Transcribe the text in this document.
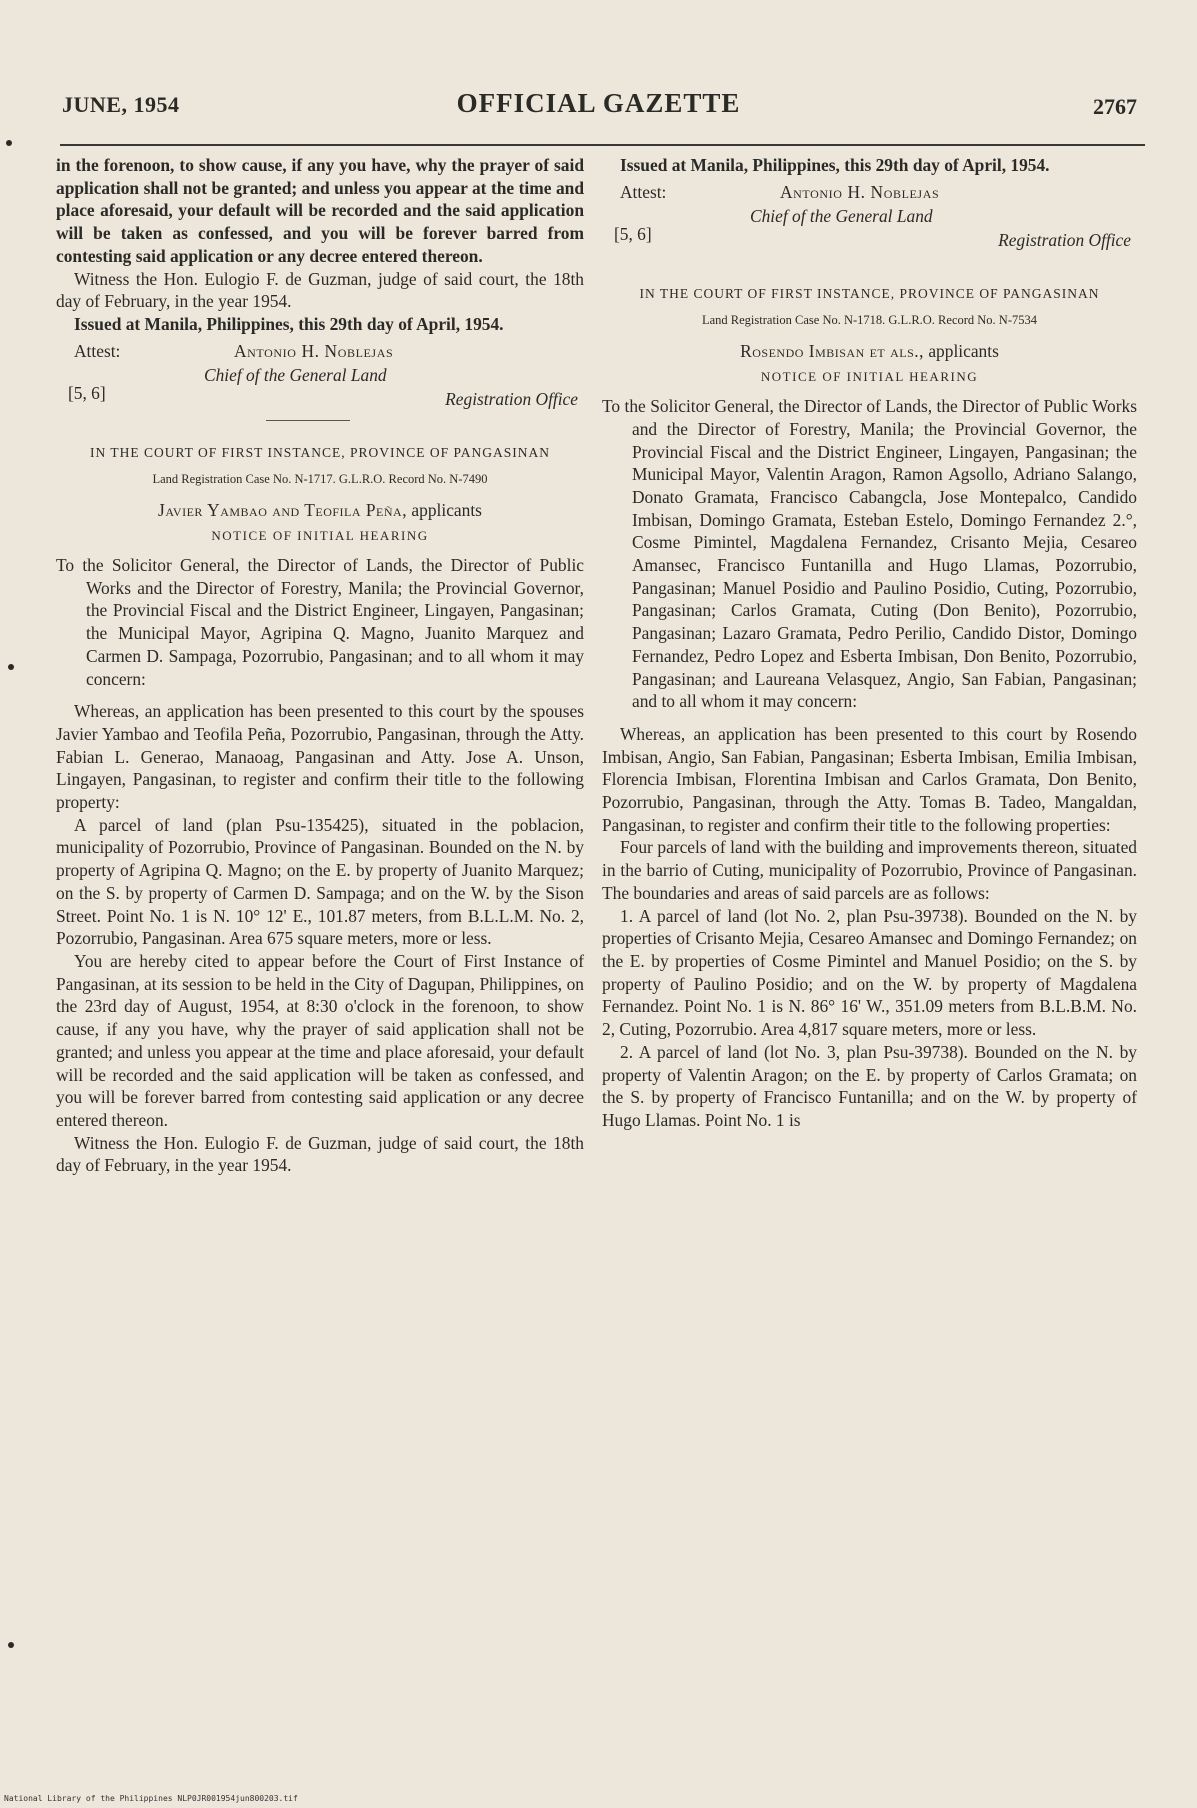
JUNE, 1954	OFFICIAL GAZETTE	2767

in the forenoon, to show cause, if any you have, why the prayer of said application shall not be granted; and unless you appear at the time and place aforesaid, your default will be recorded and the said application will be taken as confessed, and you will be forever barred from contesting said application or any decree entered thereon.

Witness the Hon. Eulogio F. de Guzman, judge of said court, the 18th day of February, in the year 1954.

Issued at Manila, Philippines, this 29th day of April, 1954.

Attest:	Antonio H. Noblejas
Chief of the General Land
[5, 6]	Registration Office
IN THE COURT OF FIRST INSTANCE, PROVINCE OF PANGASINAN
Land Registration Case No. N-1717. G.L.R.O. Record No. N-7490
Javier Yambao and Teofila Peña, applicants
NOTICE OF INITIAL HEARING

To the Solicitor General, the Director of Lands, the Director of Public Works and the Director of Forestry, Manila; the Provincial Governor, the Provincial Fiscal and the District Engineer, Lingayen, Pangasinan; the Municipal Mayor, Agripina Q. Magno, Juanito Marquez and Carmen D. Sampaga, Pozorrubio, Pangasinan; and to all whom it may concern:

Whereas, an application has been presented to this court by the spouses Javier Yambao and Teofila Peña, Pozorrubio, Pangasinan, through the Atty. Fabian L. Generao, Manaoag, Pangasinan and Atty. Jose A. Unson, Lingayen, Pangasinan, to register and confirm their title to the following property:

A parcel of land (plan Psu-135425), situated in the poblacion, municipality of Pozorrubio, Province of Pangasinan. Bounded on the N. by property of Agripina Q. Magno; on the E. by property of Juanito Marquez; on the S. by property of Carmen D. Sampaga; and on the W. by the Sison Street. Point No. 1 is N. 10° 12' E., 101.87 meters, from B.L.L.M. No. 2, Pozorrubio, Pangasinan. Area 675 square meters, more or less.

You are hereby cited to appear before the Court of First Instance of Pangasinan, at its session to be held in the City of Dagupan, Philippines, on the 23rd day of August, 1954, at 8:30 o'clock in the forenoon, to show cause, if any you have, why the prayer of said application shall not be granted; and unless you appear at the time and place aforesaid, your default will be recorded and the said application will be taken as confessed, and you will be forever barred from contesting said application or any decree entered thereon.

Witness the Hon. Eulogio F. de Guzman, judge of said court, the 18th day of February, in the year 1954.

Issued at Manila, Philippines, this 29th day of April, 1954.

Attest:	Antonio H. Noblejas
Chief of the General Land
[5, 6]	Registration Office
IN THE COURT OF FIRST INSTANCE, PROVINCE OF PANGASINAN
Land Registration Case No. N-1718. G.L.R.O. Record No. N-7534
Rosendo Imbisan et als., applicants
NOTICE OF INITIAL HEARING

To the Solicitor General, the Director of Lands, the Director of Public Works and the Director of Forestry, Manila; the Provincial Governor, the Provincial Fiscal and the District Engineer, Lingayen, Pangasinan; the Municipal Mayor, Valentin Aragon, Ramon Agsollo, Adriano Salango, Donato Gramata, Francisco Cabangcla, Jose Montepalco, Candido Imbisan, Domingo Gramata, Esteban Estelo, Domingo Fernandez 2.°, Cosme Pimintel, Magdalena Fernandez, Crisanto Mejia, Cesareo Amansec, Francisco Funtanilla and Hugo Llamas, Pozorrubio, Pangasinan; Manuel Posidio and Paulino Posidio, Cuting, Pozorrubio, Pangasinan; Carlos Gramata, Cuting (Don Benito), Pozorrubio, Pangasinan; Lazaro Gramata, Pedro Perilio, Candido Distor, Domingo Fernandez, Pedro Lopez and Esberta Imbisan, Don Benito, Pozorrubio, Pangasinan; and Laureana Velasquez, Angio, San Fabian, Pangasinan; and to all whom it may concern:

Whereas, an application has been presented to this court by Rosendo Imbisan, Angio, San Fabian, Pangasinan; Esberta Imbisan, Emilia Imbisan, Florencia Imbisan, Florentina Imbisan and Carlos Gramata, Don Benito, Pozorrubio, Pangasinan, through the Atty. Tomas B. Tadeo, Mangaldan, Pangasinan, to register and confirm their title to the following properties:

Four parcels of land with the building and improvements thereon, situated in the barrio of Cuting, municipality of Pozorrubio, Province of Pangasinan. The boundaries and areas of said parcels are as follows:

1. A parcel of land (lot No. 2, plan Psu-39738). Bounded on the N. by properties of Crisanto Mejia, Cesareo Amansec and Domingo Fernandez; on the E. by properties of Cosme Pimintel and Manuel Posidio; on the S. by property of Paulino Posidio; and on the W. by property of Magdalena Fernandez. Point No. 1 is N. 86° 16' W., 351.09 meters from B.L.B.M. No. 2, Cuting, Pozorrubio. Area 4,817 square meters, more or less.

2. A parcel of land (lot No. 3, plan Psu-39738). Bounded on the N. by property of Valentin Aragon; on the E. by property of Carlos Gramata; on the S. by property of Francisco Funtanilla; and on the W. by property of Hugo Llamas. Point No. 1 is

National Library of the Philippines NLP0JR001954jun800203.tif
